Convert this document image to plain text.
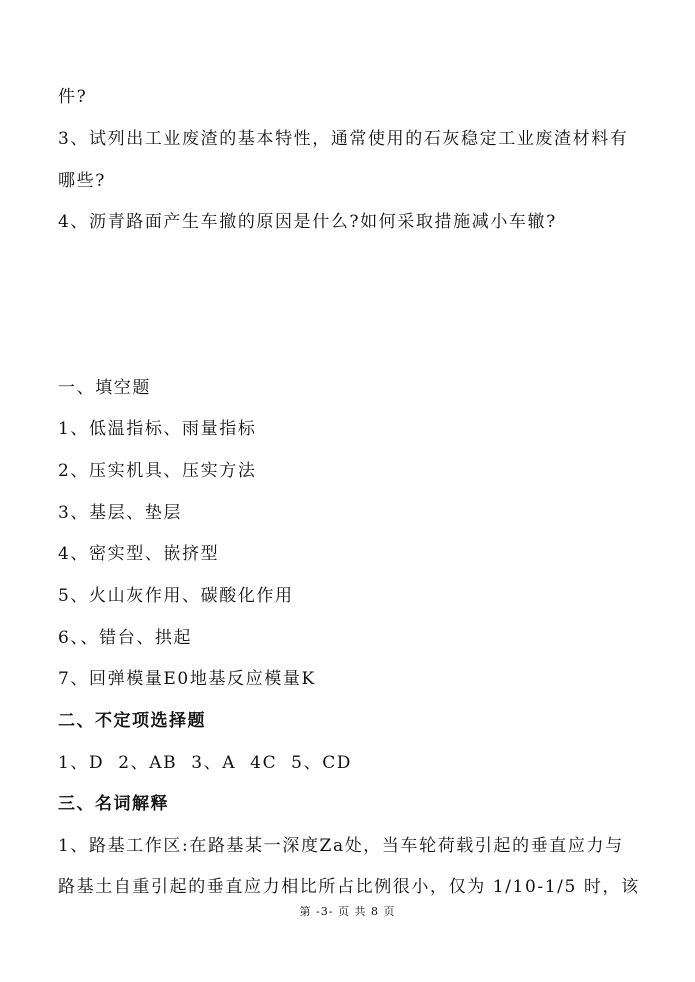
件?
3、试列出工业废渣的基本特性，通常使用的石灰稳定工业废渣材料有
哪些?
4、沥青路面产生车撤的原因是什么?如何采取措施减小车辙?
一、填空题
1、低温指标、雨量指标
2、压实机具、压实方法
3、基层、垫层
4、密实型、嵌挤型
5、火山灰作用、碳酸化作用
6、、错台、拱起
7、回弹模量E0地基反应模量K
二、不定项选择题
1、D  2、AB  3、A  4C  5、CD
三、名词解释
1、路基工作区:在路基某一深度Za处，当车轮荷载引起的垂直应力与
路基土自重引起的垂直应力相比所占比例很小，仅为 1/10-1/5 时，该
第 -3- 页 共 8 页
